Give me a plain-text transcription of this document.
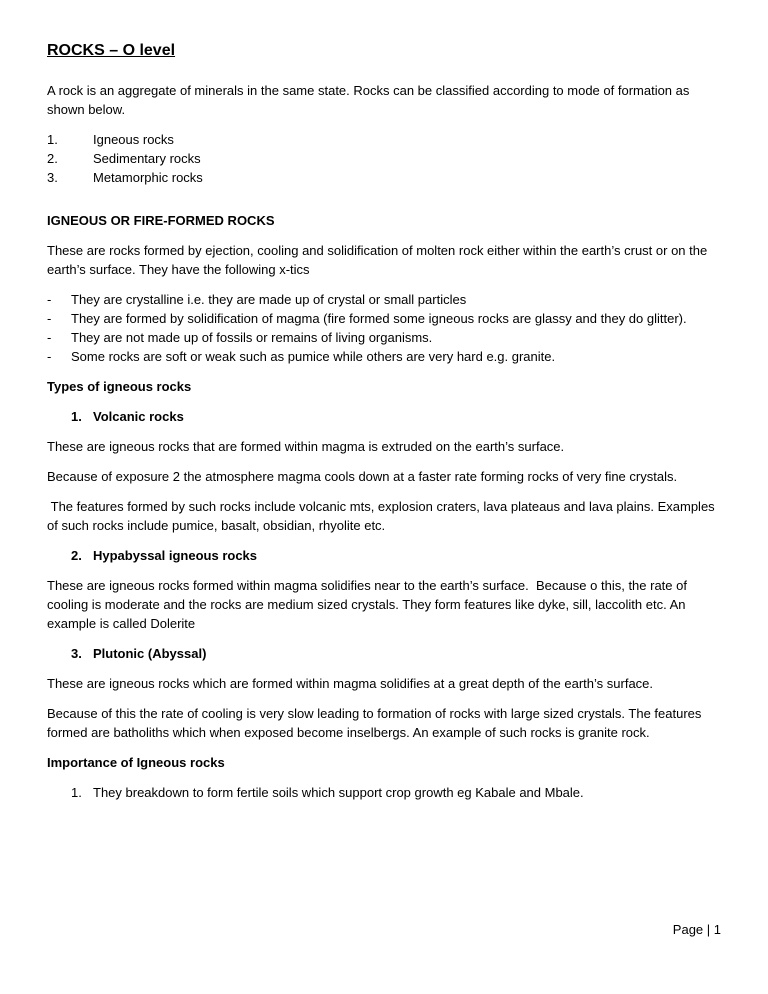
ROCKS – O level

A rock is an aggregate of minerals in the same state. Rocks can be classified according to mode of formation as shown below.

1.	Igneous rocks
2.	Sedimentary rocks
3.	Metamorphic rocks
IGNEOUS OR FIRE-FORMED ROCKS

These are rocks formed by ejection, cooling and solidification of molten rock either within the earth’s crust or on the earth’s surface. They have the following x-tics

-	They are crystalline i.e. they are made up of crystal or small particles
-	They are formed by solidification of magma (fire formed some igneous rocks are glassy and they do glitter).
-	They are not made up of fossils or remains of living organisms.
-	Some rocks are soft or weak such as pumice while others are very hard e.g. granite.
Types of igneous rocks
1. Volcanic rocks

These are igneous rocks that are formed within magma is extruded on the earth’s surface.

Because of exposure 2 the atmosphere magma cools down at a faster rate forming rocks of very fine crystals.

The features formed by such rocks include volcanic mts, explosion craters, lava plateaus and lava plains. Examples of such rocks include pumice, basalt, obsidian, rhyolite etc.

2. Hypabyssal igneous rocks

These are igneous rocks formed within magma solidifies near to the earth’s surface.  Because o this, the rate of cooling is moderate and the rocks are medium sized crystals. They form features like dyke, sill, laccolith etc. An example is called Dolerite

3. Plutonic (Abyssal)

These are igneous rocks which are formed within magma solidifies at a great depth of the earth’s surface.

Because of this the rate of cooling is very slow leading to formation of rocks with large sized crystals. The features formed are batholiths which when exposed become inselbergs. An example of such rocks is granite rock.

Importance of Igneous rocks
1. They breakdown to form fertile soils which support crop growth eg Kabale and Mbale.
Page | 1
